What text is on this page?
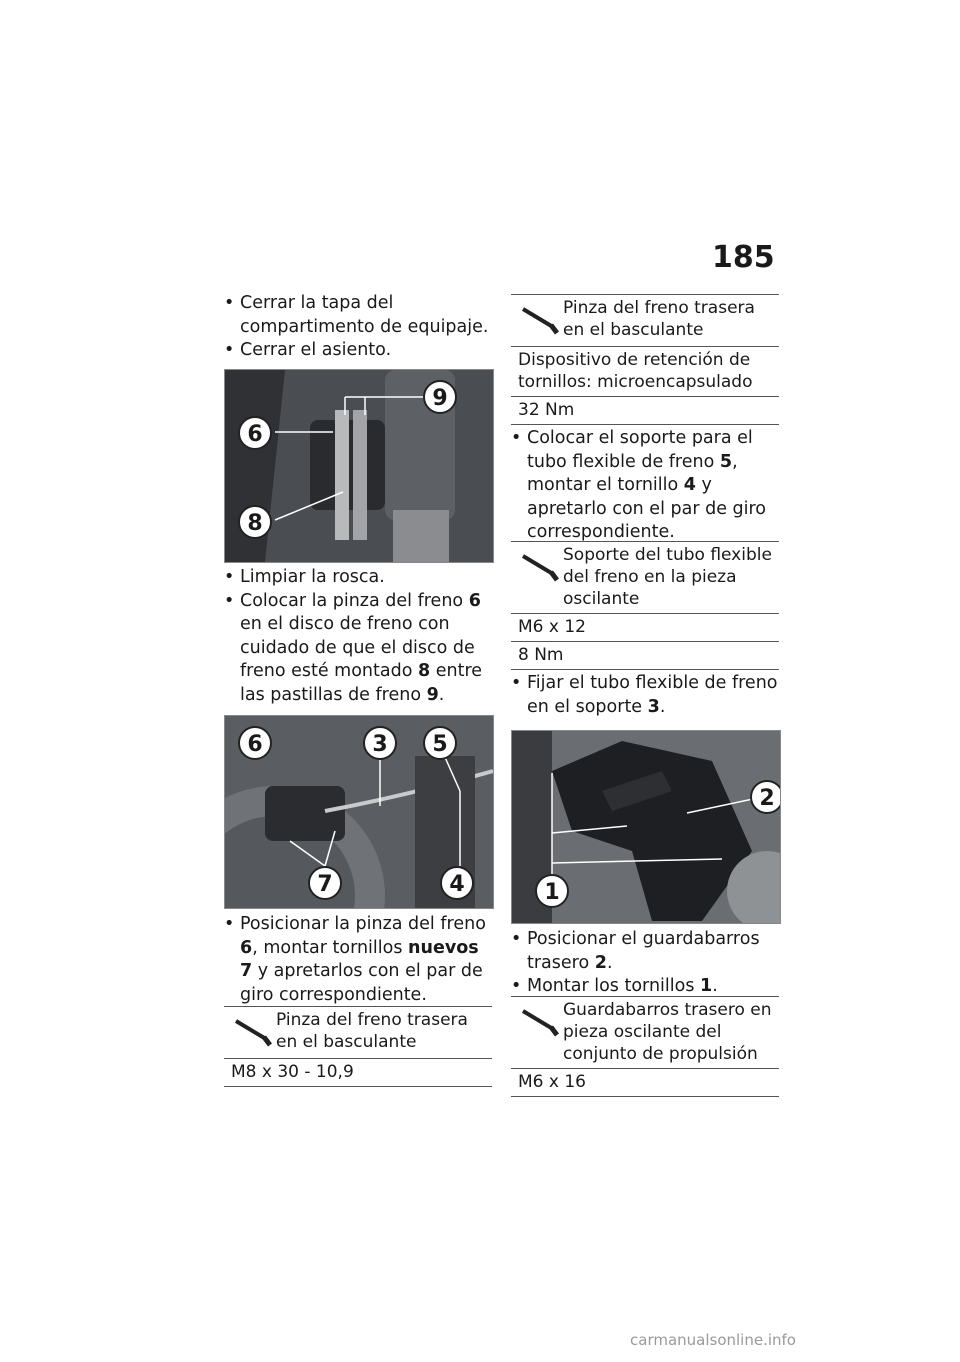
185
• Cerrar la tapa del compartimento de equipaje.
• Cerrar el asiento.
9
6
8
• Limpiar la rosca.
• Colocar la pinza del freno 6 en el disco de freno con cuidado de que el disco de freno esté montado 8 entre las pastillas de freno 9.
6	3 5
7	4
• Posicionar la pinza del freno 6, montar tornillos nuevos 7 y apretarlos con el par de giro correspondiente.
Pinza del freno trasera en el basculante
M8 x 30 - 10,9
Pinza del freno trasera en el basculante
Dispositivo de retención de tornillos: microencapsulado
32 Nm
• Colocar el soporte para el tubo flexible de freno 5, montar el tornillo 4 y apretarlo con el par de giro correspondiente.
Soporte del tubo flexible del freno en la pieza oscilante
M6 x 12
8 Nm
• Fijar el tubo flexible de freno en el soporte 3.
2
1
• Posicionar el guardabarros trasero 2.
• Montar los tornillos 1.
Guardabarros trasero en pieza oscilante del conjunto de propulsión
M6 x 16
carmanualsonline.info
